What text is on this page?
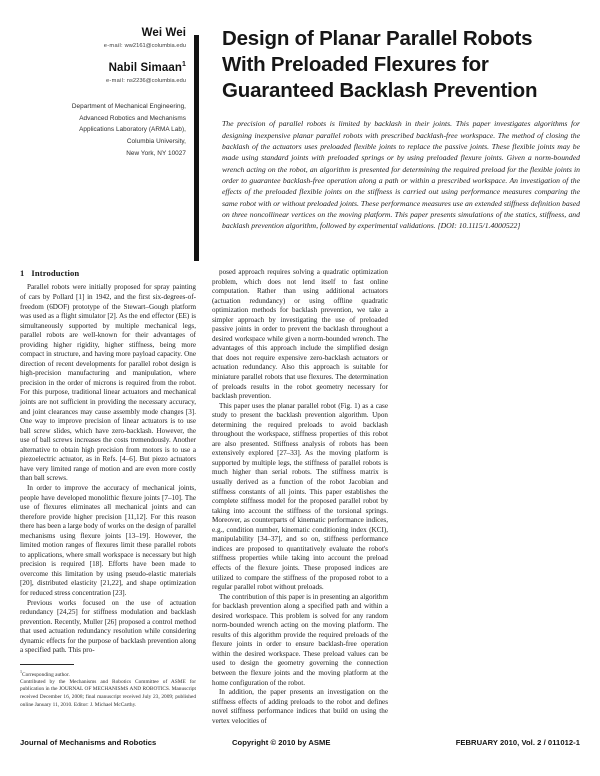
Wei Wei
e-mail: ww2161@columbia.edu
Nabil Simaan$^1$
e-mail: ns2236@columbia.edu
Department of Mechanical Engineering,
Advanced Robotics and Mechanisms
Applications Laboratory (ARMA Lab),
Columbia University,
New York, NY 10027
Design of Planar Parallel Robots With Preloaded Flexures for Guaranteed Backlash Prevention
The precision of parallel robots is limited by backlash in their joints. This paper investigates algorithms for designing inexpensive planar parallel robots with prescribed backlash-free workspace. The method of closing the backlash of the actuators uses preloaded flexible joints to replace the passive joints. These flexible joints may be made using standard joints with preloaded springs or by using preloaded flexure joints. Given a norm-bounded wrench acting on the robot, an algorithm is presented for determining the required preload for the flexible joints in order to guarantee backlash-free operation along a path or within a prescribed workspace. An investigation of the effects of the preloaded flexible joints on the stiffness is carried out using performance measures comparing the same robot with or without preloaded joints. These performance measures use an extended stiffness definition based on three noncollinear vertices on the moving platform. This paper presents simulations of the statics, stiffness, and backlash prevention algorithm, followed by experimental validations. [DOI: 10.1115/1.4000522]
1 Introduction

Parallel robots were initially proposed for spray painting of cars by Pollard [1] in 1942, and the first six-degrees-of-freedom (6DOF) prototype of the Stewart–Gough platform was used as a flight simulator [2]. As the end effector (EE) is simultaneously supported by multiple mechanical legs, parallel robots are well-known for their advantages of providing higher rigidity, higher stiffness, being more compact in structure, and having more payload capacity. One direction of recent developments for parallel robot design is high-precision manufacturing and manipulation, where precision in the order of microns is required from the robot. For this purpose, traditional linear actuators and mechanical joints are not sufficient in providing the necessary accuracy, and joint clearances may cause assembly mode changes [3]. One way to improve precision of linear actuators is to use ball screw slides, which have zero-backlash. However, the use of ball screws increases the costs tremendously. Another alternative to obtain high precision from motors is to use a piezoelectric actuator, as in Refs. [4–6]. But piezo actuators have very limited range of motion and are even more costly than ball screws.

In order to improve the accuracy of mechanical joints, people have developed monolithic flexure joints [7–10]. The use of flexures eliminates all mechanical joints and can therefore provide higher precision [11,12]. For this reason there has been a large body of works on the design of parallel mechanisms using flexure joints [13–19]. However, the limited motion ranges of flexures limit these parallel robots to applications, where small workspace is necessary but high precision is required [18]. Efforts have been made to overcome this limitation by using pseudo-elastic materials [20], distributed elasticity [21,22], and shape optimization for reduced stress concentration [23].

Previous works focused on the use of actuation redundancy [24,25] for stiffness modulation and backlash prevention. Recently, Muller [26] proposed a control method that used actuation redundancy resolution while considering dynamic effects for the purpose of backlash prevention along a specified path. This pro-

posed approach requires solving a quadratic optimization problem, which does not lend itself to fast online computation. Rather than using additional actuators (actuation redundancy) or using offline quadratic optimization methods for backlash prevention, we take a simpler approach by investigating the use of preloaded passive joints in order to prevent the backlash throughout a desired workspace while given a norm-bounded wrench. The advantages of this approach include the simplified design that does not require expensive zero-backlash actuators or actuation redundancy. Also this approach is suitable for miniature parallel robots that use flexures. The determination of preloads results in the robot geometry necessary for backlash prevention.

This paper uses the planar parallel robot (Fig. 1) as a case study to present the backlash prevention algorithm. Upon determining the required preloads to avoid backlash throughout the workspace, stiffness properties of this robot are also presented. Stiffness analysis of robots has been extensively explored [27–33]. As the moving platform is supported by multiple legs, the stiffness of parallel robots is much higher than serial robots. The stiffness matrix is usually derived as a function of the robot Jacobian and stiffness constants of all joints. This paper establishes the complete stiffness model for the proposed parallel robot by taking into account the stiffness of the torsional springs. Moreover, as counterparts of kinematic performance indices, e.g., condition number, kinematic conditioning index (KCI), manipulability [34–37], and so on, stiffness performance indices are proposed to quantitatively evaluate the robot's stiffness properties while taking into account the preload effects of the flexure joints. These proposed indices are utilized to compare the stiffness of the proposed robot to a regular parallel robot without preloads.

The contribution of this paper is in presenting an algorithm for backlash prevention along a specified path and within a desired workspace. This problem is solved for any random norm-bounded wrench acting on the moving platform. The results of this algorithm provide the required preloads of the flexure joints in order to ensure backlash-free operation within the desired workspace. These preload values can be used to design the geometry governing the connection between the flexure joints and the moving platform at the home configuration of the robot.

In addition, the paper presents an investigation on the stiffness effects of adding preloads to the robot and defines novel stiffness performance indices that build on using the vertex velocities of

$^1$Corresponding author.
Contributed by the Mechanisms and Robotics Committee of ASME for publication in the JOURNAL OF MECHANISMS AND ROBOTICS. Manuscript received December 16, 2008; final manuscript received July 23, 2009; published online January 11, 2010. Editor: J. Michael McCarthy.
Journal of Mechanisms and Robotics	Copyright © 2010 by ASME	FEBRUARY 2010, Vol. 2 / 011012-1
